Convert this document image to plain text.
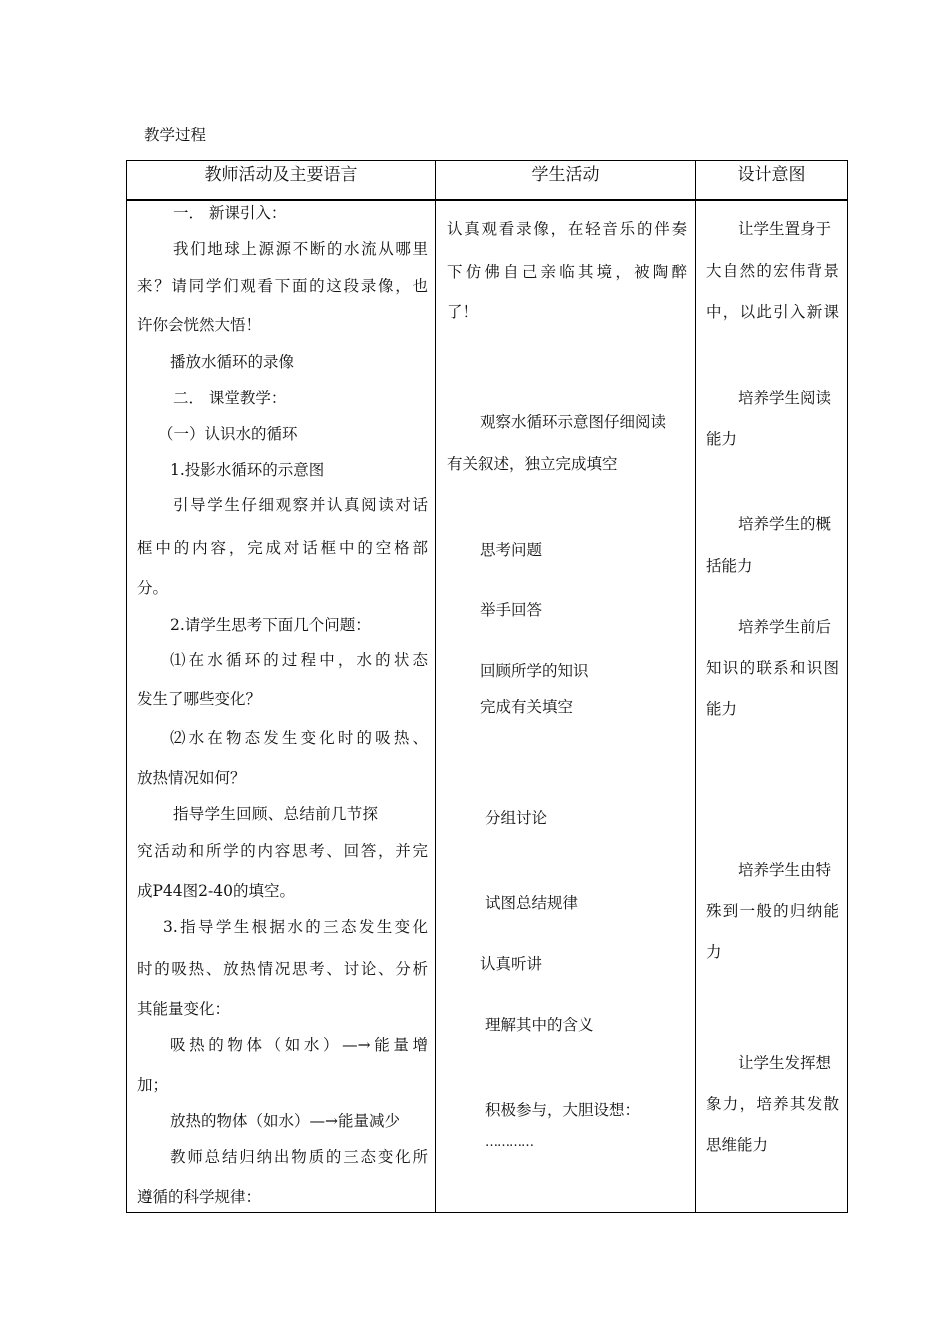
教学过程
教师活动及主要语言	学生活动	设计意图
一． 新课引入：
我们地球上源源不断的水流从哪里
来？请同学们观看下面的这段录像，也
许你会恍然大悟！
播放水循环的录像
二． 课堂教学：
（一）认识水的循环
1.投影水循环的示意图
引导学生仔细观察并认真阅读对话
框中的内容，完成对话框中的空格部
分。
2.请学生思考下面几个问题：
⑴在水循环的过程中，水的状态
发生了哪些变化？
⑵水在物态发生变化时的吸热、
放热情况如何？
指导学生回顾、总结前几节探
究活动和所学的内容思考、回答，并完
成P44图2-40的填空。
3.指导学生根据水的三态发生变化
时的吸热、放热情况思考、讨论、分析
其能量变化：
吸热的物体（如水）—→能量增
加；
放热的物体（如水）—→能量减少
教师总结归纳出物质的三态变化所
遵循的科学规律：
认真观看录像，在轻音乐的伴奏
下仿佛自己亲临其境，被陶醉
了！
观察水循环示意图仔细阅读
有关叙述，独立完成填空
思考问题
举手回答
回顾所学的知识
完成有关填空
分组讨论
试图总结规律
认真听讲
理解其中的含义
积极参与，大胆设想：
…………
让学生置身于
大自然的宏伟背景
中，以此引入新课
培养学生阅读
能力
培养学生的概
括能力
培养学生前后
知识的联系和识图
能力
培养学生由特
殊到一般的归纳能
力
让学生发挥想
象力，培养其发散
思维能力
